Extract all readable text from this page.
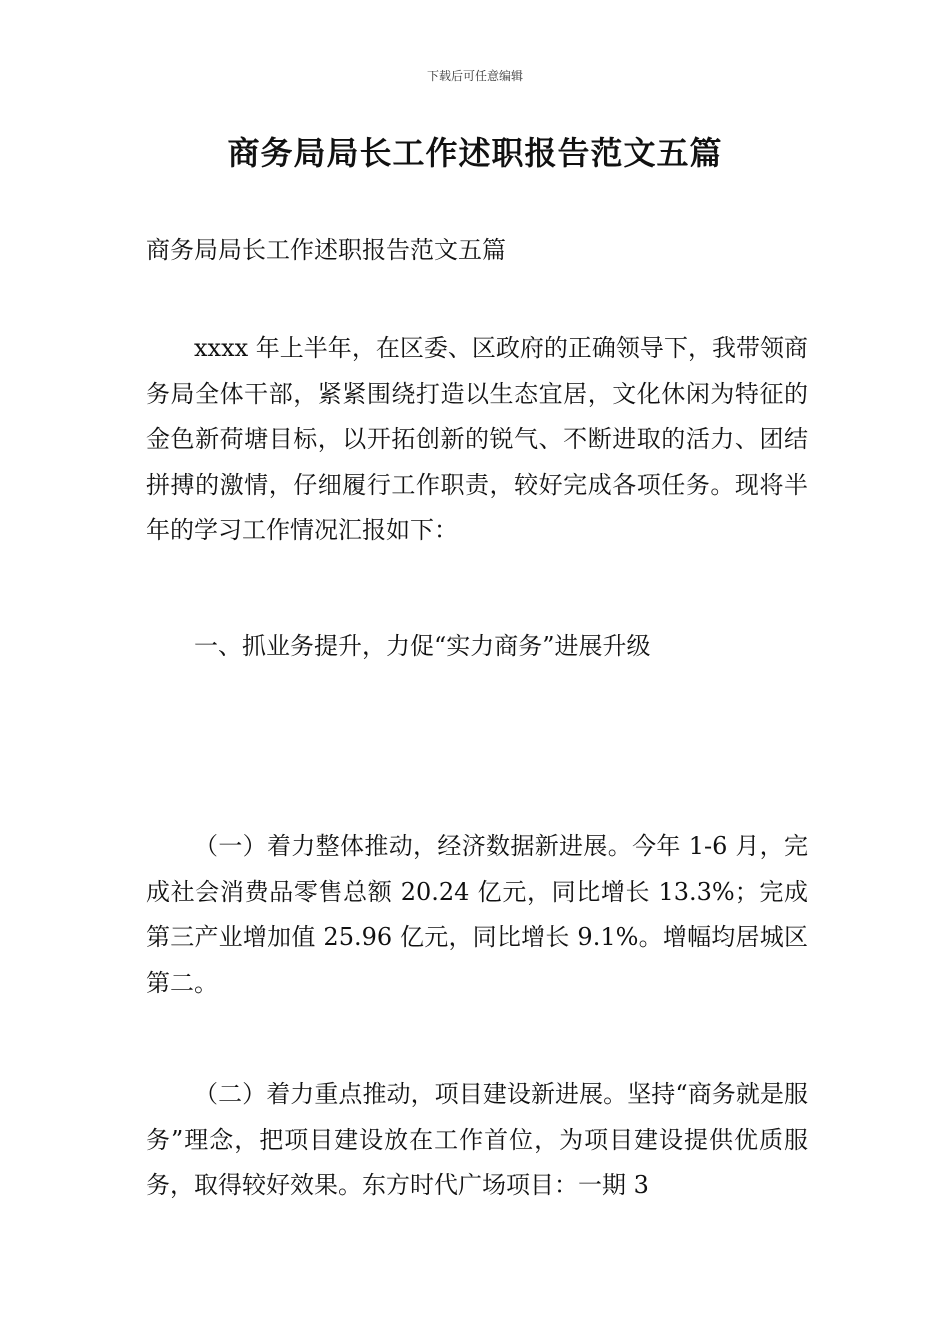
下载后可任意编辑
商务局局长工作述职报告范文五篇

商务局局长工作述职报告范文五篇

xxxx 年上半年，在区委、区政府的正确领导下，我带领商务局全体干部，紧紧围绕打造以生态宜居，文化休闲为特征的金色新荷塘目标，以开拓创新的锐气、不断进取的活力、团结拼搏的激情，仔细履行工作职责，较好完成各项任务。现将半年的学习工作情况汇报如下：

一、抓业务提升，力促“实力商务”进展升级

（一）着力整体推动，经济数据新进展。今年 1-6 月，完成社会消费品零售总额 20.24 亿元，同比增长 13.3%；完成第三产业增加值 25.96 亿元，同比增长 9.1%。增幅均居城区第二。

（二）着力重点推动，项目建设新进展。坚持“商务就是服务”理念，把项目建设放在工作首位，为项目建设提供优质服务，取得较好效果。东方时代广场项目：一期 3
